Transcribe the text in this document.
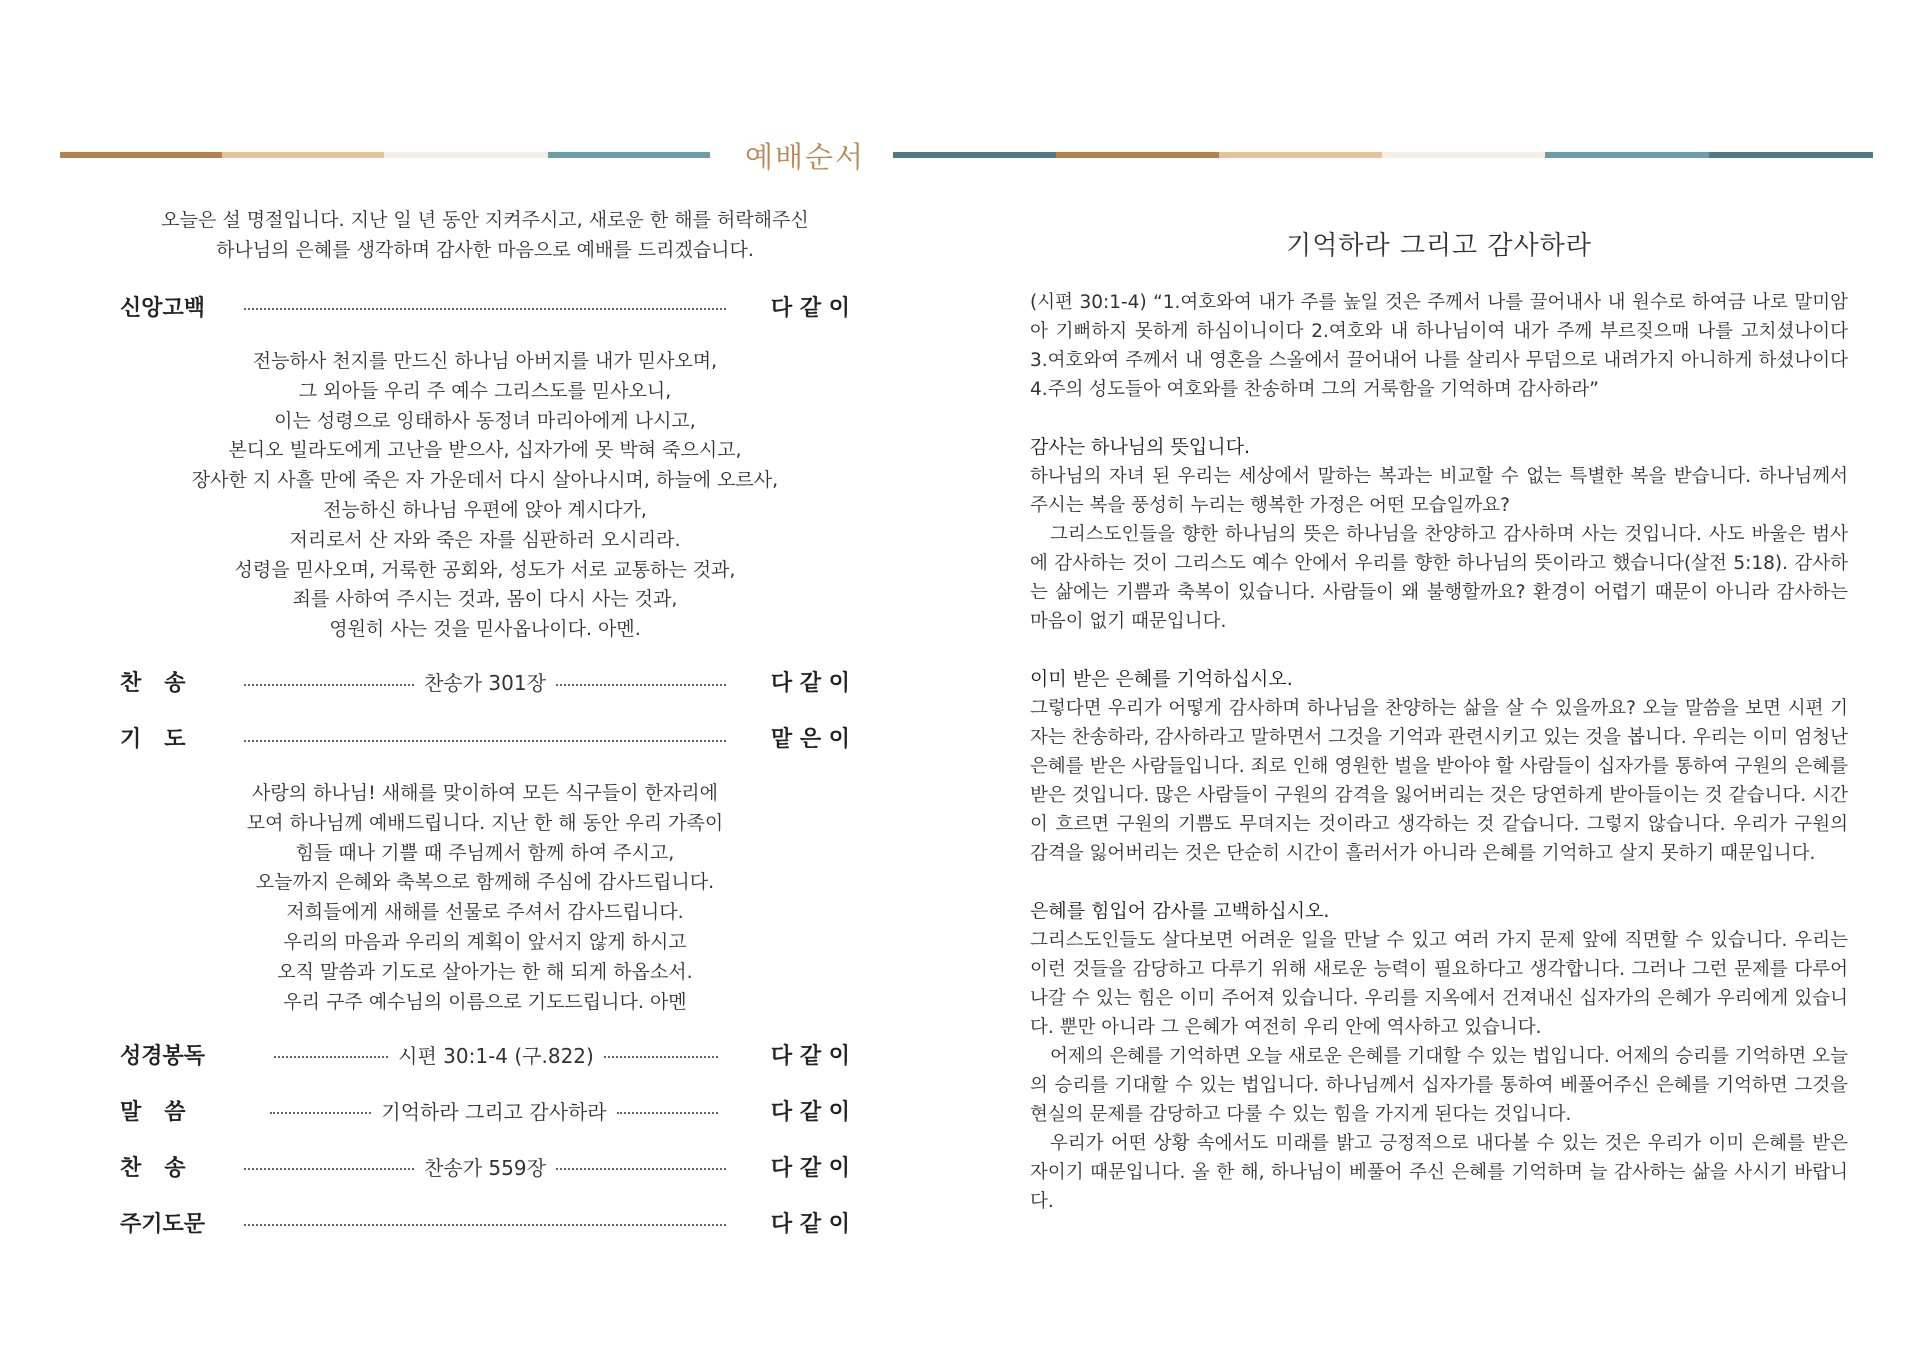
예배순서
오늘은 설 명절입니다. 지난 일 년 동안 지켜주시고, 새로운 한 해를 허락해주신
하나님의 은혜를 생각하며 감사한 마음으로 예배를 드리겠습니다.
신앙고백	다 같 이
전능하사 천지를 만드신 하나님 아버지를 내가 믿사오며,
그 외아들 우리 주 예수 그리스도를 믿사오니,
이는 성령으로 잉태하사 동정녀 마리아에게 나시고,
본디오 빌라도에게 고난을 받으사, 십자가에 못 박혀 죽으시고,
장사한 지 사흘 만에 죽은 자 가운데서 다시 살아나시며, 하늘에 오르사,
전능하신 하나님 우편에 앉아 계시다가,
저리로서 산 자와 죽은 자를 심판하러 오시리라.
성령을 믿사오며, 거룩한 공회와, 성도가 서로 교통하는 것과,
죄를 사하여 주시는 것과, 몸이 다시 사는 것과,
영원히 사는 것을 믿사옵나이다. 아멘.
찬   송	찬송가 301장	다 같 이
기   도	맡 은 이
사랑의 하나님! 새해를 맞이하여 모든 식구들이 한자리에
모여 하나님께 예배드립니다. 지난 한 해 동안 우리 가족이
힘들 때나 기쁠 때 주님께서 함께 하여 주시고,
오늘까지 은혜와 축복으로 함께해 주심에 감사드립니다.
저희들에게 새해를 선물로 주셔서 감사드립니다.
우리의 마음과 우리의 계획이 앞서지 않게 하시고
오직 말씀과 기도로 살아가는 한 해 되게 하옵소서.
우리 구주 예수님의 이름으로 기도드립니다. 아멘
성경봉독	시편 30:1-4 (구.822)	다 같 이
말   씀	기억하라 그리고 감사하라	다 같 이
찬   송	찬송가 559장	다 같 이
주기도문	다 같 이
기억하라 그리고 감사하라

(시편 30:1-4) “1.여호와여 내가 주를 높일 것은 주께서 나를 끌어내사 내 원수로 하여금 나로 말미암아 기뻐하지 못하게 하심이니이다 2.여호와 내 하나님이여 내가 주께 부르짖으매 나를 고치셨나이다 3.여호와여 주께서 내 영혼을 스올에서 끌어내어 나를 살리사 무덤으로 내려가지 아니하게 하셨나이다 4.주의 성도들아 여호와를 찬송하며 그의 거룩함을 기억하며 감사하라”

감사는 하나님의 뜻입니다.

하나님의 자녀 된 우리는 세상에서 말하는 복과는 비교할 수 없는 특별한 복을 받습니다. 하나님께서 주시는 복을 풍성히 누리는 행복한 가정은 어떤 모습일까요?

그리스도인들을 향한 하나님의 뜻은 하나님을 찬양하고 감사하며 사는 것입니다. 사도 바울은 범사에 감사하는 것이 그리스도 예수 안에서 우리를 향한 하나님의 뜻이라고 했습니다(살전 5:18). 감사하는 삶에는 기쁨과 축복이 있습니다. 사람들이 왜 불행할까요? 환경이 어렵기 때문이 아니라 감사하는 마음이 없기 때문입니다.

이미 받은 은혜를 기억하십시오.

그렇다면 우리가 어떻게 감사하며 하나님을 찬양하는 삶을 살 수 있을까요? 오늘 말씀을 보면 시편 기자는 찬송하라, 감사하라고 말하면서 그것을 기억과 관련시키고 있는 것을 봅니다. 우리는 이미 엄청난 은혜를 받은 사람들입니다. 죄로 인해 영원한 벌을 받아야 할 사람들이 십자가를 통하여 구원의 은혜를 받은 것입니다. 많은 사람들이 구원의 감격을 잃어버리는 것은 당연하게 받아들이는 것 같습니다. 시간이 흐르면 구원의 기쁨도 무뎌지는 것이라고 생각하는 것 같습니다. 그렇지 않습니다. 우리가 구원의 감격을 잃어버리는 것은 단순히 시간이 흘러서가 아니라 은혜를 기억하고 살지 못하기 때문입니다.

은혜를 힘입어 감사를 고백하십시오.

그리스도인들도 살다보면 어려운 일을 만날 수 있고 여러 가지 문제 앞에 직면할 수 있습니다. 우리는 이런 것들을 감당하고 다루기 위해 새로운 능력이 필요하다고 생각합니다. 그러나 그런 문제를 다루어 나갈 수 있는 힘은 이미 주어져 있습니다. 우리를 지옥에서 건져내신 십자가의 은혜가 우리에게 있습니다. 뿐만 아니라 그 은혜가 여전히 우리 안에 역사하고 있습니다.

어제의 은혜를 기억하면 오늘 새로운 은혜를 기대할 수 있는 법입니다. 어제의 승리를 기억하면 오늘의 승리를 기대할 수 있는 법입니다. 하나님께서 십자가를 통하여 베풀어주신 은혜를 기억하면 그것을 현실의 문제를 감당하고 다룰 수 있는 힘을 가지게 된다는 것입니다.

우리가 어떤 상황 속에서도 미래를 밝고 긍정적으로 내다볼 수 있는 것은 우리가 이미 은혜를 받은 자이기 때문입니다. 올 한 해, 하나님이 베풀어 주신 은혜를 기억하며 늘 감사하는 삶을 사시기 바랍니다.
